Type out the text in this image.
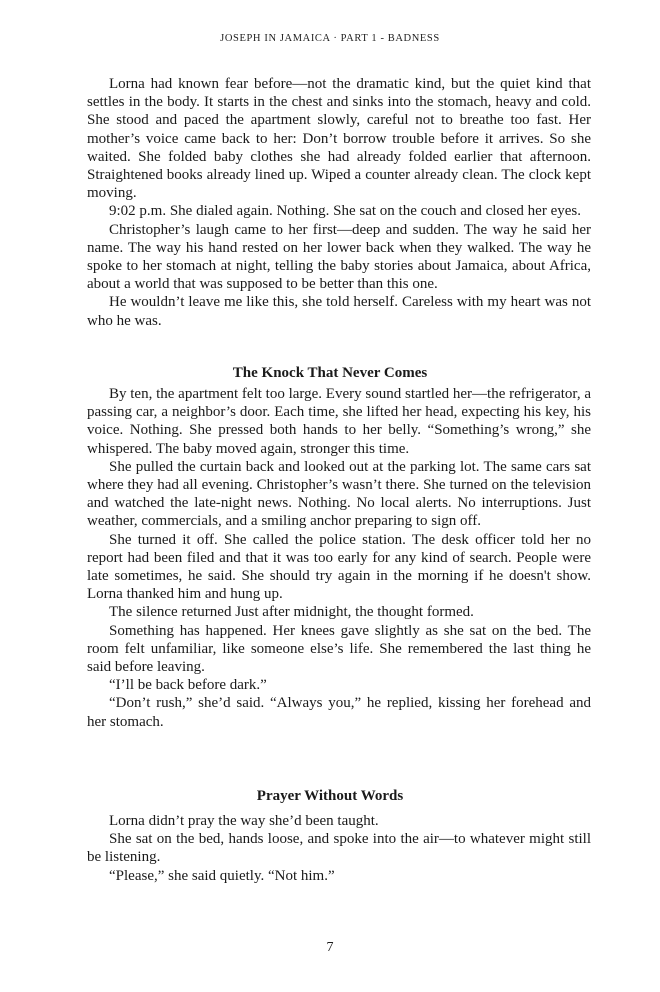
JOSEPH IN JAMAICA · PART 1 - BADNESS

Lorna had known fear before—not the dramatic kind, but the quiet kind that settles in the body. It starts in the chest and sinks into the stomach, heavy and cold. She stood and paced the apartment slowly, careful not to breathe too fast. Her mother’s voice came back to her: Don’t borrow trouble before it arrives. So she waited. She folded baby clothes she had already folded earlier that afternoon. Straightened books already lined up. Wiped a counter already clean. The clock kept moving.

9:02 p.m. She dialed again. Nothing. She sat on the couch and closed her eyes.

Christopher’s laugh came to her first—deep and sudden. The way he said her name. The way his hand rested on her lower back when they walked. The way he spoke to her stomach at night, telling the baby stories about Jamaica, about Africa, about a world that was supposed to be better than this one.

He wouldn’t leave me like this, she told herself. Careless with my heart was not who he was.

The Knock That Never Comes

By ten, the apartment felt too large. Every sound startled her—the refrigerator, a passing car, a neighbor’s door. Each time, she lifted her head, expecting his key, his voice. Nothing. She pressed both hands to her belly. “Something’s wrong,” she whispered. The baby moved again, stronger this time.

She pulled the curtain back and looked out at the parking lot. The same cars sat where they had all evening. Christopher’s wasn’t there. She turned on the television and watched the late-night news. Nothing. No local alerts. No interruptions. Just weather, commercials, and a smiling anchor preparing to sign off.

She turned it off. She called the police station. The desk officer told her no report had been filed and that it was too early for any kind of search. People were late sometimes, he said. She should try again in the morning if he doesn't show. Lorna thanked him and hung up.

The silence returned Just after midnight, the thought formed.

Something has happened. Her knees gave slightly as she sat on the bed. The room felt unfamiliar, like someone else’s life. She remembered the last thing he said before leaving.

“I’ll be back before dark.”

“Don’t rush,” she’d said. “Always you,” he replied, kissing her forehead and her stomach.

Prayer Without Words

Lorna didn’t pray the way she’d been taught.

She sat on the bed, hands loose, and spoke into the air—to whatever might still be listening.

“Please,” she said quietly. “Not him.”

7
